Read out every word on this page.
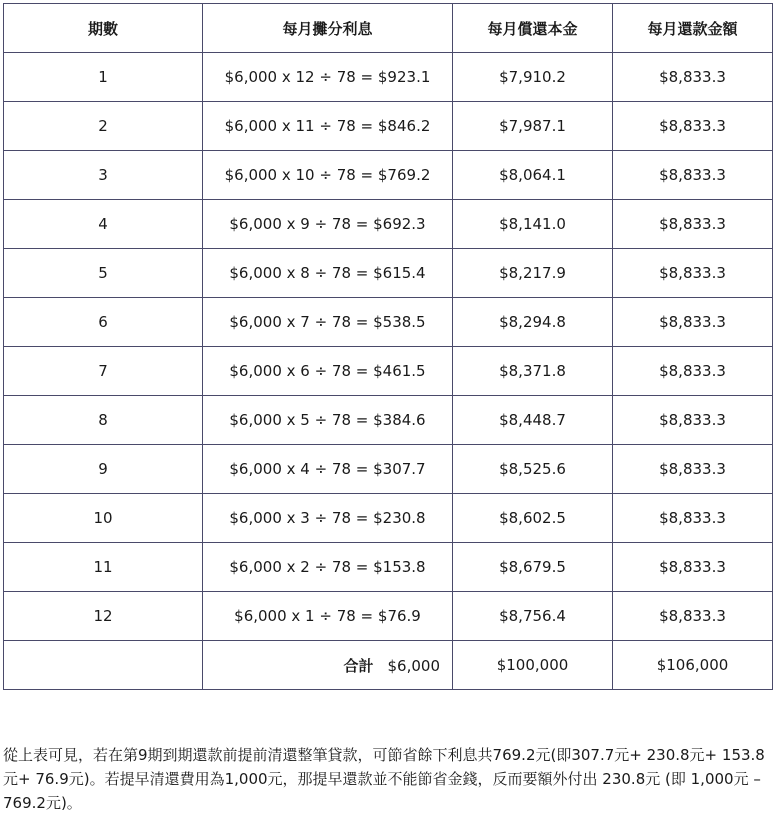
期數	每月攤分利息	每月償還本金	每月還款金額
1	$6,000 x 12 ÷ 78 = $923.1	$7,910.2	$8,833.3
2	$6,000 x 11 ÷ 78 = $846.2	$7,987.1	$8,833.3
3	$6,000 x 10 ÷ 78 = $769.2	$8,064.1	$8,833.3
4	$6,000 x 9 ÷ 78 = $692.3	$8,141.0	$8,833.3
5	$6,000 x 8 ÷ 78 = $615.4	$8,217.9	$8,833.3
6	$6,000 x 7 ÷ 78 = $538.5	$8,294.8	$8,833.3
7	$6,000 x 6 ÷ 78 = $461.5	$8,371.8	$8,833.3
8	$6,000 x 5 ÷ 78 = $384.6	$8,448.7	$8,833.3
9	$6,000 x 4 ÷ 78 = $307.7	$8,525.6	$8,833.3
10	$6,000 x 3 ÷ 78 = $230.8	$8,602.5	$8,833.3
11	$6,000 x 2 ÷ 78 = $153.8	$8,679.5	$8,833.3
12	$6,000 x 1 ÷ 78 = $76.9	$8,756.4	$8,833.3
	合計 $6,000	$100,000	$106,000

從上表可見，若在第9期到期還款前提前清還整筆貸款，可節省餘下利息共769.2元(即307.7元+ 230.8元+ 153.8元+ 76.9元)。若提早清還費用為1,000元，那提早還款並不能節省金錢，反而要額外付出 230.8元 (即 1,000元 – 769.2元)。
